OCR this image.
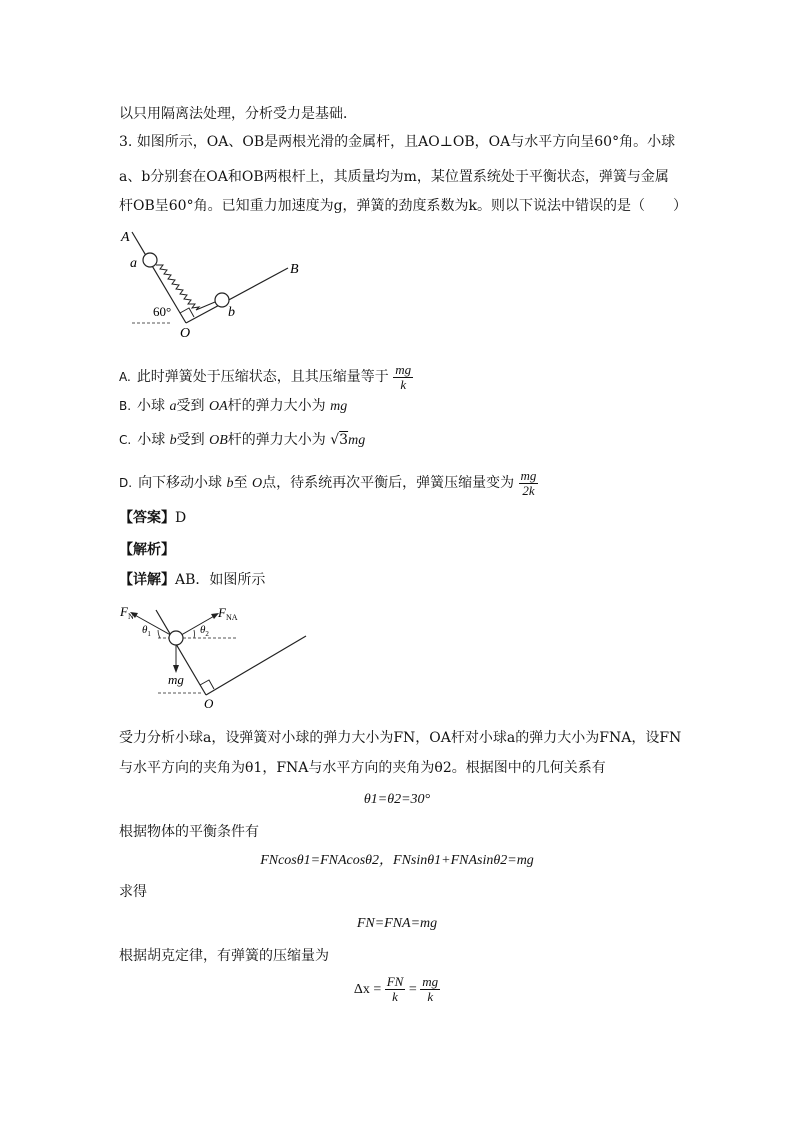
以只用隔离法处理，分析受力是基础．
3. 如图所示，OA、OB是两根光滑的金属杆，且AO⊥OB，OA与水平方向呈60°角。小球
a、b分别套在OA和OB两根杆上，其质量均为m，某位置系统处于平衡状态，弹簧与金属
杆OB呈60°角。已知重力加速度为g，弹簧的劲度系数为k。则以下说法中错误的是（　　）
A
a	B
b
O
60°
A. 此时弹簧处于压缩状态，且其压缩量等于 $\frac{mg}{k}$
B. 小球 a受到 OA杆的弹力大小为 mg
C. 小球 b受到 OB杆的弹力大小为 √3mg
D. 向下移动小球 b至 O点，待系统再次平衡后，弹簧压缩量变为 $\frac{mg}{2k}$
【答案】D
【解析】
【详解】AB．如图所示
$F_N$	$F_{NA}$
$\theta_1$	$\theta_2$
mg
O
受力分析小球a，设弹簧对小球的弹力大小为FN，OA杆对小球a的弹力大小为FNA，设FN
与水平方向的夹角为θ1，FNA与水平方向的夹角为θ2。根据图中的几何关系有
θ1=θ2=30°
根据物体的平衡条件有
FNcosθ1=FNAcosθ2，FNsinθ1+FNAsinθ2=mg
求得
FN=FNA=mg
根据胡克定律，有弹簧的压缩量为
$\Delta x = \frac{FN}{k} = \frac{mg}{k}$
